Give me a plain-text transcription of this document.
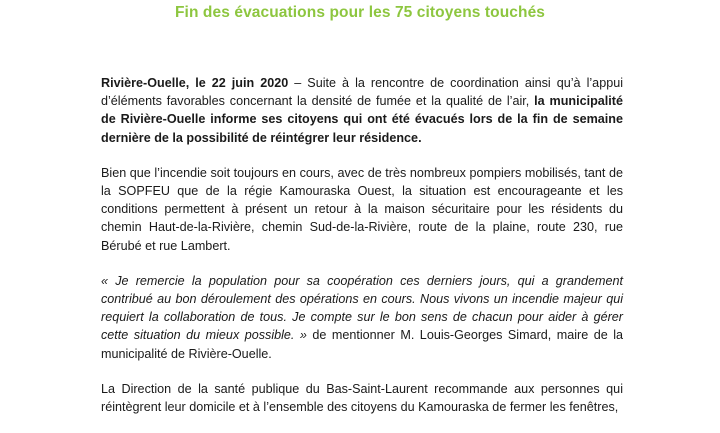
Fin des évacuations pour les 75 citoyens touchés

Rivière-Ouelle, le 22 juin 2020 – Suite à la rencontre de coordination ainsi qu’à l’appui d’éléments favorables concernant la densité de fumée et la qualité de l’air, la municipalité de Rivière-Ouelle informe ses citoyens qui ont été évacués lors de la fin de semaine dernière de la possibilité de réintégrer leur résidence.

Bien que l’incendie soit toujours en cours, avec de très nombreux pompiers mobilisés, tant de la SOPFEU que de la régie Kamouraska Ouest, la situation est encourageante et les conditions permettent à présent un retour à la maison sécuritaire pour les résidents du chemin Haut-de-la-Rivière, chemin Sud-de-la-Rivière, route de la plaine, route 230, rue Bérubé et rue Lambert.

« Je remercie la population pour sa coopération ces derniers jours, qui a grandement contribué au bon déroulement des opérations en cours. Nous vivons un incendie majeur qui requiert la collaboration de tous. Je compte sur le bon sens de chacun pour aider à gérer cette situation du mieux possible. » de mentionner M. Louis-Georges Simard, maire de la municipalité de Rivière-Ouelle.

La Direction de la santé publique du Bas-Saint-Laurent recommande aux personnes qui réintègrent leur domicile et à l’ensemble des citoyens du Kamouraska de fermer les fenêtres,
